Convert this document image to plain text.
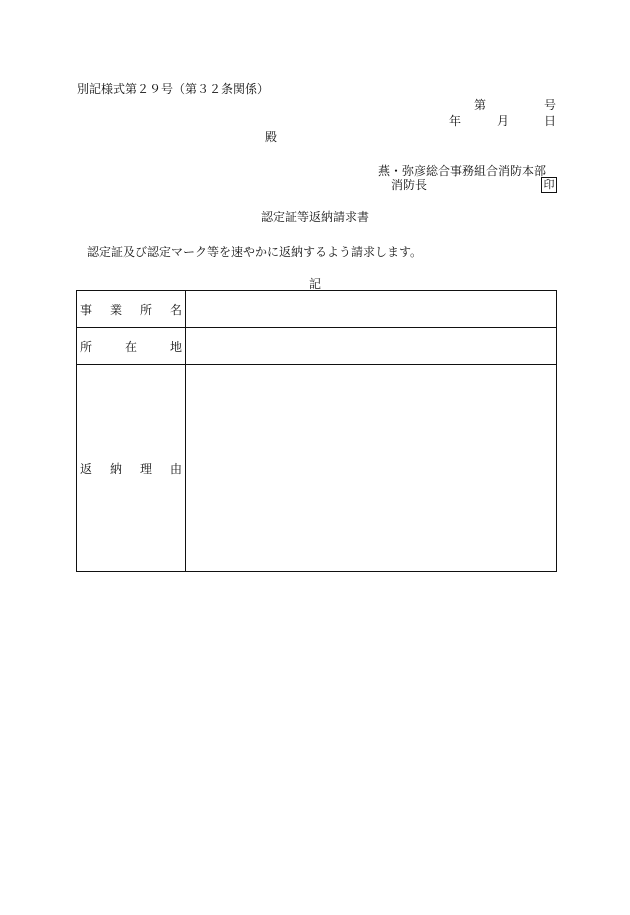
別記様式第２９号（第３２条関係）
第	号
年	月	日
殿
燕・弥彦総合事務組合消防本部
消防長	印
認定証等返納請求書
認定証及び認定マーク等を速やかに返納するよう請求します。
記
事 業 所 名	

所 在 地	

返 納 理 由	
